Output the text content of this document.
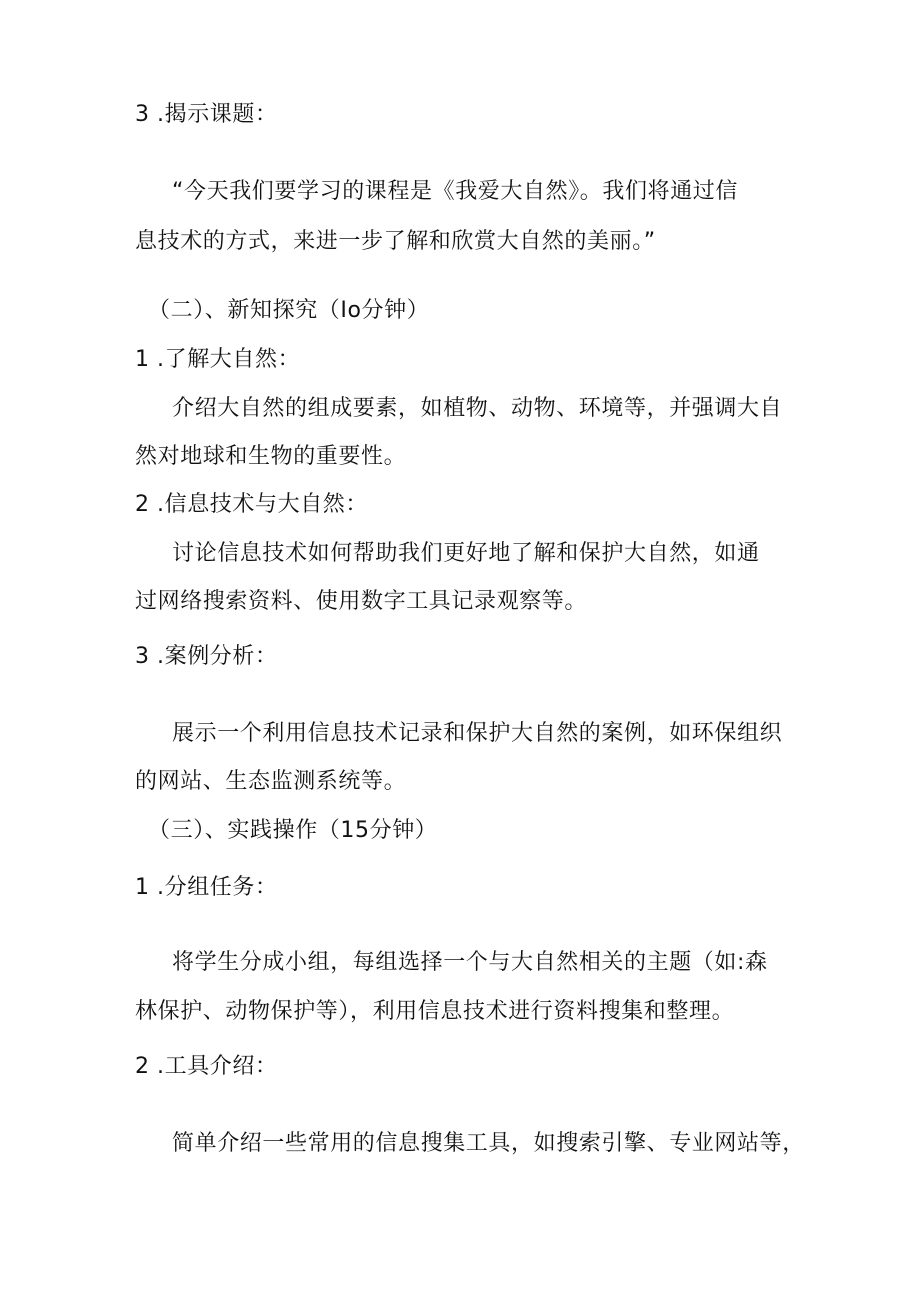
3 .揭示课题：
“今天我们要学习的课程是《我爱大自然》。我们将通过信
息技术的方式，来进一步了解和欣赏大自然的美丽。”
（二）、新知探究（Io分钟）
1 .了解大自然：
介绍大自然的组成要素，如植物、动物、环境等，并强调大自
然对地球和生物的重要性。
2 .信息技术与大自然：
讨论信息技术如何帮助我们更好地了解和保护大自然，如通
过网络搜索资料、使用数字工具记录观察等。
3 .案例分析：
展示一个利用信息技术记录和保护大自然的案例，如环保组织
的网站、生态监测系统等。
（三）、实践操作（15分钟）
1 .分组任务：
将学生分成小组，每组选择一个与大自然相关的主题（如:森
林保护、动物保护等），利用信息技术进行资料搜集和整理。
2 .工具介绍：
简单介绍一些常用的信息搜集工具，如搜索引擎、专业网站等，
